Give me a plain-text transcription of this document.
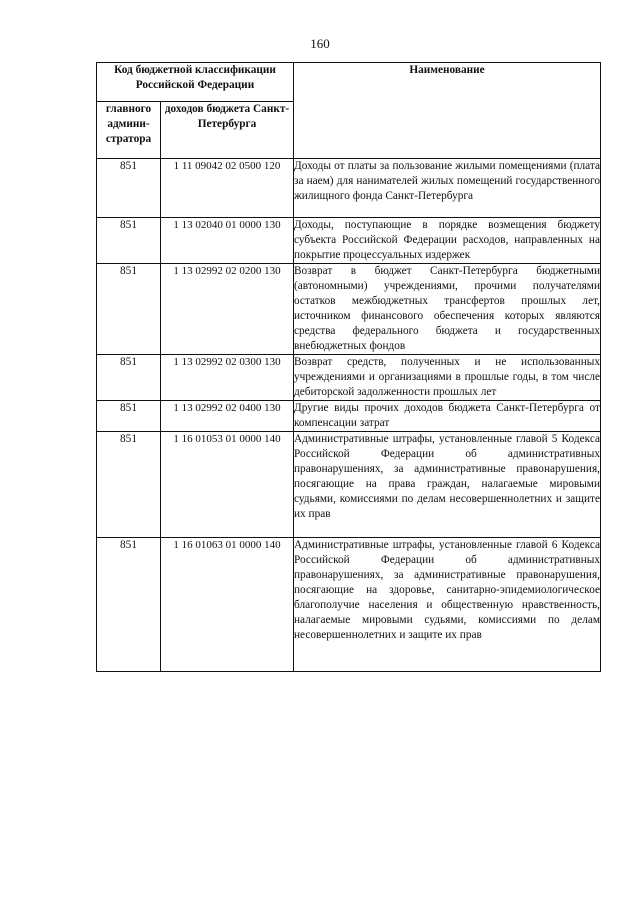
160
Код бюджетной классификации Российской Федерации		Наименование
главного админи-стратора	доходов бюджета Санкт-Петербурга	
851	1 11 09042 02 0500 120	Доходы от платы за пользование жилыми помещениями (плата за наем) для нанимателей жилых помещений государственного жилищного фонда Санкт-Петербурга
851	1 13 02040 01 0000 130	Доходы, поступающие в порядке возмещения бюджету субъекта Российской Федерации расходов, направленных на покрытие процессуальных издержек
851	1 13 02992 02 0200 130	Возврат в бюджет Санкт-Петербурга бюджетными (автономными) учреждениями, прочими получателями остатков межбюджетных трансфертов прошлых лет, источником финансового обеспечения которых являются средства федерального бюджета и государственных внебюджетных фондов
851	1 13 02992 02 0300 130	Возврат средств, полученных и не использованных учреждениями и организациями в прошлые годы, в том числе дебиторской задолженности прошлых лет
851	1 13 02992 02 0400 130	Другие виды прочих доходов бюджета Санкт-Петербурга от компенсации затрат
851	1 16 01053 01 0000 140	Административные штрафы, установленные главой 5 Кодекса Российской Федерации об административных правонарушениях, за административные правонарушения, посягающие на права граждан, налагаемые мировыми судьями, комиссиями по делам несовершеннолетних и защите их прав
851	1 16 01063 01 0000 140	Административные штрафы, установленные главой 6 Кодекса Российской Федерации об административных правонарушениях, за административные правонарушения, посягающие на здоровье, санитарно-эпидемиологическое благополучие населения и общественную нравственность, налагаемые мировыми судьями, комиссиями по делам несовершеннолетних и защите их прав
